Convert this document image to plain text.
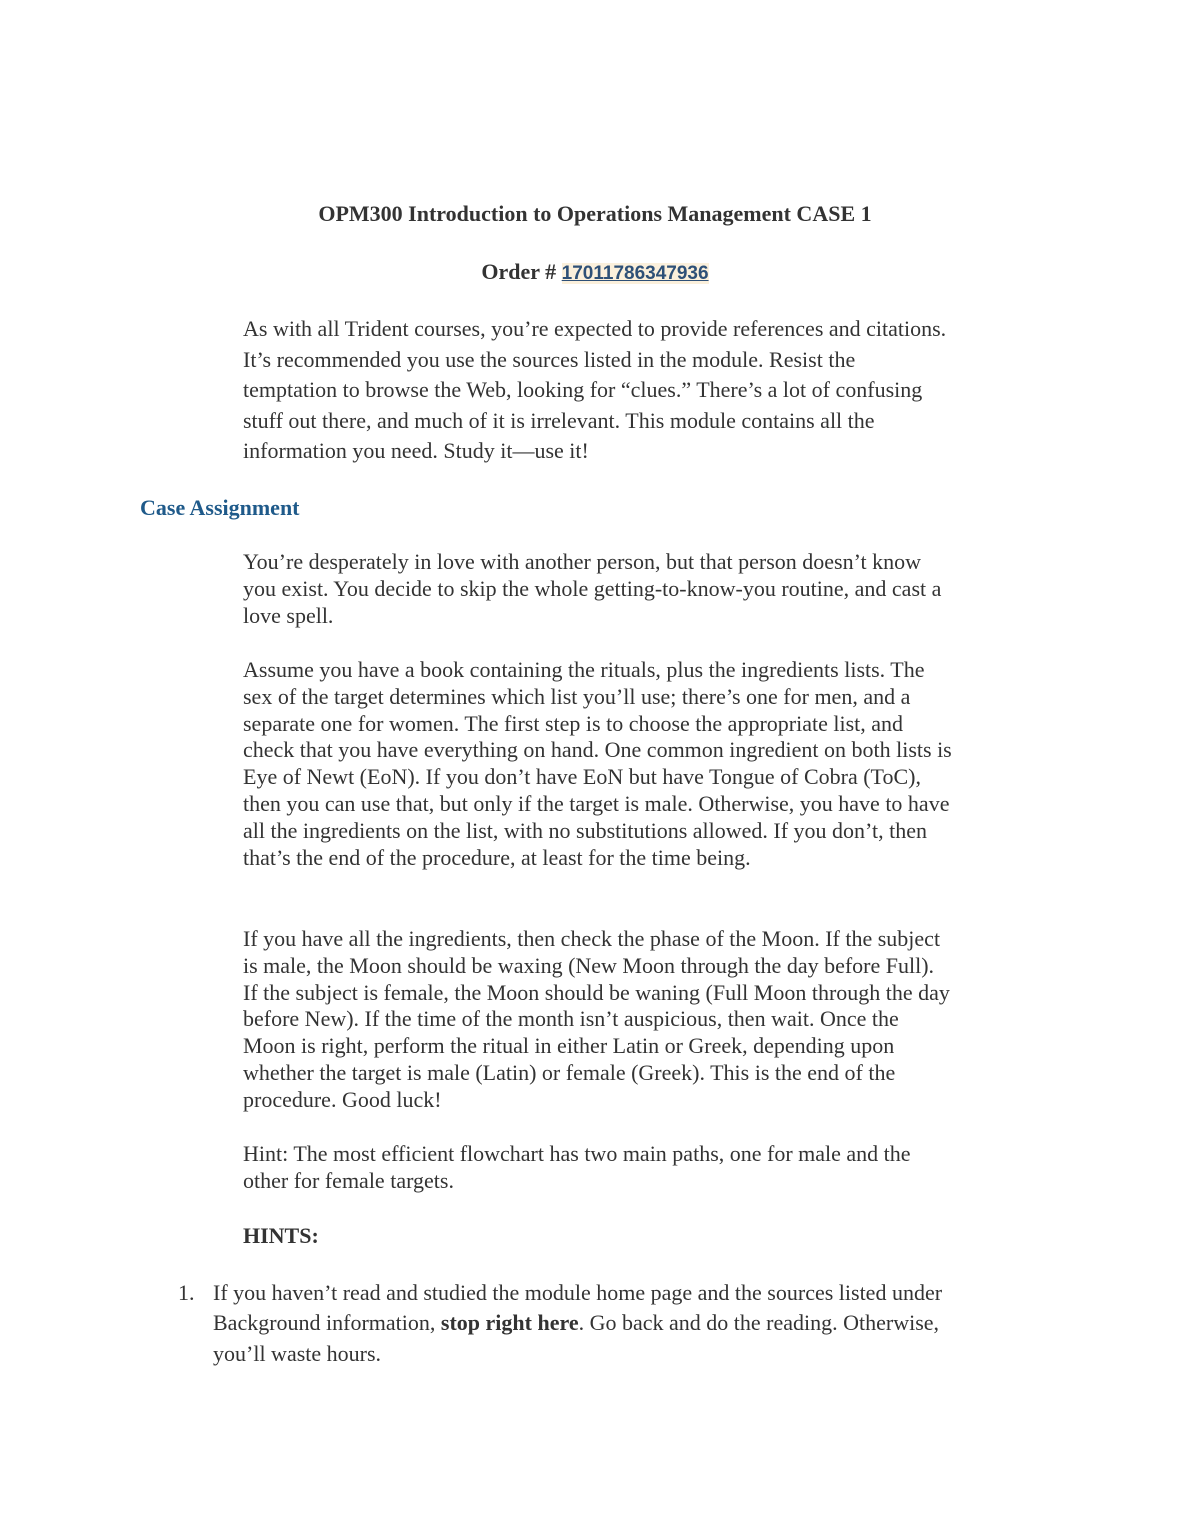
OPM300 Introduction to Operations Management CASE 1
Order # 17011786347936
As with all Trident courses, you’re expected to provide references and citations. It’s recommended you use the sources listed in the module. Resist the temptation to browse the Web, looking for “clues.” There’s a lot of confusing stuff out there, and much of it is irrelevant. This module contains all the information you need. Study it—use it!
Case Assignment
You’re desperately in love with another person, but that person doesn’t know you exist. You decide to skip the whole getting-to-know-you routine, and cast a love spell.
Assume you have a book containing the rituals, plus the ingredients lists. The sex of the target determines which list you’ll use; there’s one for men, and a separate one for women. The first step is to choose the appropriate list, and check that you have everything on hand. One common ingredient on both lists is Eye of Newt (EoN). If you don’t have EoN but have Tongue of Cobra (ToC), then you can use that, but only if the target is male. Otherwise, you have to have all the ingredients on the list, with no substitutions allowed. If you don’t, then that’s the end of the procedure, at least for the time being.
If you have all the ingredients, then check the phase of the Moon. If the subject is male, the Moon should be waxing (New Moon through the day before Full). If the subject is female, the Moon should be waning (Full Moon through the day before New). If the time of the month isn’t auspicious, then wait. Once the Moon is right, perform the ritual in either Latin or Greek, depending upon whether the target is male (Latin) or female (Greek). This is the end of the procedure. Good luck!
Hint: The most efficient flowchart has two main paths, one for male and the other for female targets.
HINTS:
1. If you haven’t read and studied the module home page and the sources listed under Background information, stop right here. Go back and do the reading. Otherwise, you’ll waste hours.
